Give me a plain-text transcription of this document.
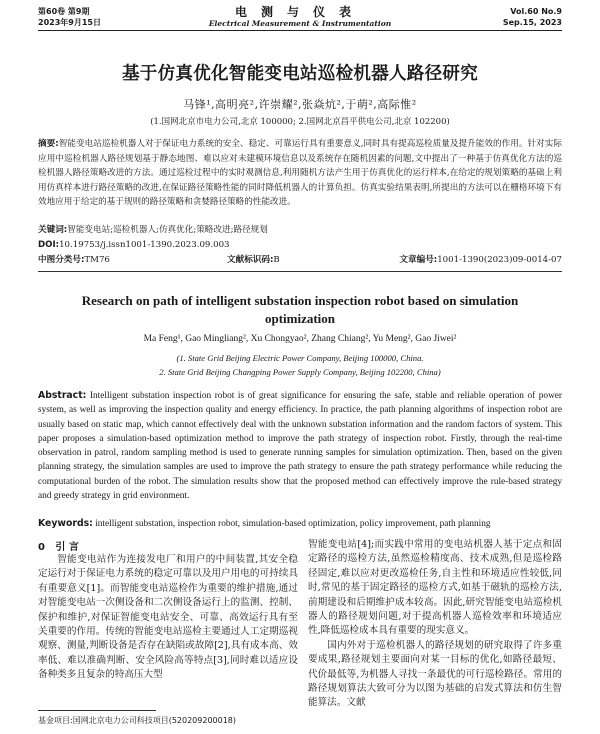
第60卷 第9期
2023年9月15日
电测与仪表
Electrical Measurement & Instrumentation
Vol.60 No.9
Sep.15, 2023
基于仿真优化智能变电站巡检机器人路径研究
马锋¹,高明亮²,许崇耀²,张焱炕²,于萌²,高际惟²
(1.国网北京市电力公司,北京 100000; 2.国网北京昌平供电公司,北京 102200)
摘要:智能变电站巡检机器人对于保证电力系统的安全、稳定、可靠运行具有重要意义,同时具有提高巡检质量及提升能效的作用。针对实际应用中巡检机器人路径规划基于静态地图、难以应对未建模环境信息以及系统存在随机因素的问题,文中提出了一种基于仿真优化方法的巡检机器人路径策略改进的方法。通过巡检过程中的实时观测信息,利用随机方法产生用于仿真优化的运行样本,在给定的规划策略的基础上利用仿真样本进行路径策略的改进,在保证路径策略性能的同时降低机器人的计算负担。仿真实验结果表明,所提出的方法可以在栅格环境下有效地应用于给定的基于规则的路径策略和贪婪路径策略的性能改进。
关键词:智能变电站;巡检机器人;仿真优化;策略改进;路径规划
DOI:10.19753/j.issn1001-1390.2023.09.003
中图分类号:TM76	文献标识码:B	文章编号:1001-1390(2023)09-0014-07
Research on path of intelligent substation inspection robot based on simulation optimization
Ma Feng¹, Gao Mingliang², Xu Chongyao², Zhang Chiang², Yu Meng², Gao Jiwei²
(1. State Grid Beijing Electric Power Company, Beijing 100000, China.
2. State Grid Beijing Changping Power Supply Company, Beijing 102200, China)
Abstract: Intelligent substation inspection robot is of great significance for ensuring the safe, stable and reliable operation of power system, as well as improving the inspection quality and energy efficiency. In practice, the path planning algorithms of inspection robot are usually based on static map, which cannot effectively deal with the unknown substation information and the random factors of system. This paper proposes a simulation-based optimization method to improve the path strategy of inspection robot. Firstly, through the real-time observation in patrol, random sampling method is used to generate running samples for simulation optimization. Then, based on the given planning strategy, the simulation samples are used to improve the path strategy to ensure the path strategy performance while reducing the computational burden of the robot. The simulation results show that the proposed method can effectively improve the rule-based strategy and greedy strategy in grid environment.
Keywords: intelligent substation, inspection robot, simulation-based optimization, policy improvement, path planning
0 引 言
智能变电站作为连接发电厂和用户的中间装置,其安全稳定运行对于保证电力系统的稳定可靠以及用户用电的可持续具有重要意义[1]。而智能变电站巡检作为重要的维护措施,通过对智能变电站一次侧设备和二次侧设备运行上的监测、控制、保护和维护,对保证智能变电站安全、可靠、高效运行具有至关重要的作用。传统的智能变电站巡检主要通过人工定期巡视观察、测量,判断设备是否存在缺陷或故障[2],具有成本高、效率低、难以准确判断、安全风险高等特点[3],同时难以适应设备种类多且复杂的特高压大型

智能变电站[4];而实践中常用的变电站机器人基于定点和固定路径的巡检方法,虽然巡检精度高、技术成熟,但是巡检路径固定,难以应对更改巡检任务,自主性和环境适应性较低,同时,常见的基于固定路径的巡检方式,如基于磁轨的巡检方法,前期建设和后期维护成本较高。因此,研究智能变电站巡检机器人的路径规划问题,对于提高机器人巡检效率和环境适应性,降低巡检成本具有重要的现实意义。

国内外对于巡检机器人的路径规划的研究取得了许多重要成果,路径规划主要面向对某一目标的优化,如路径最短、代价最低等,为机器人寻找一条最优的可行巡检路径。常用的路径规划算法大致可分为以图为基础的启发式算法和仿生智能算法。文献

基金项目:国网北京电力公司科技项目(520209200018)
